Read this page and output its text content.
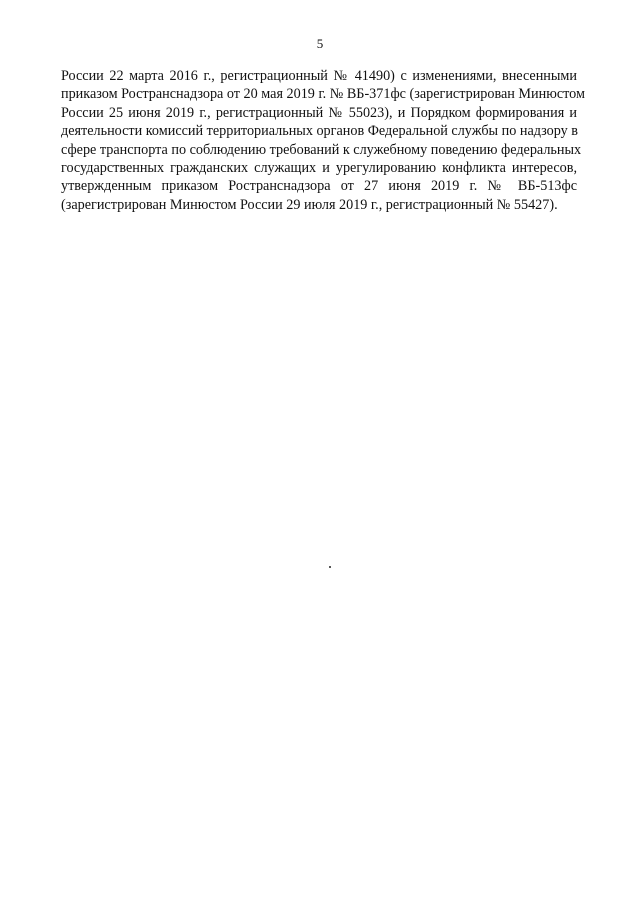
5
России 22 марта 2016 г., регистрационный № 41490) с изменениями, внесенными
приказом Ространснадзора от 20 мая 2019 г. № ВБ-371фс (зарегистрирован Минюстом
России 25 июня 2019 г., регистрационный № 55023), и Порядком формирования и
деятельности комиссий территориальных органов Федеральной службы по надзору в
сфере транспорта по соблюдению требований к служебному поведению федеральных
государственных гражданских служащих и урегулированию конфликта интересов,
утвержденным приказом Ространснадзора от 27 июня 2019 г. № ВБ-513фс
(зарегистрирован Минюстом России 29 июля 2019 г., регистрационный № 55427).
